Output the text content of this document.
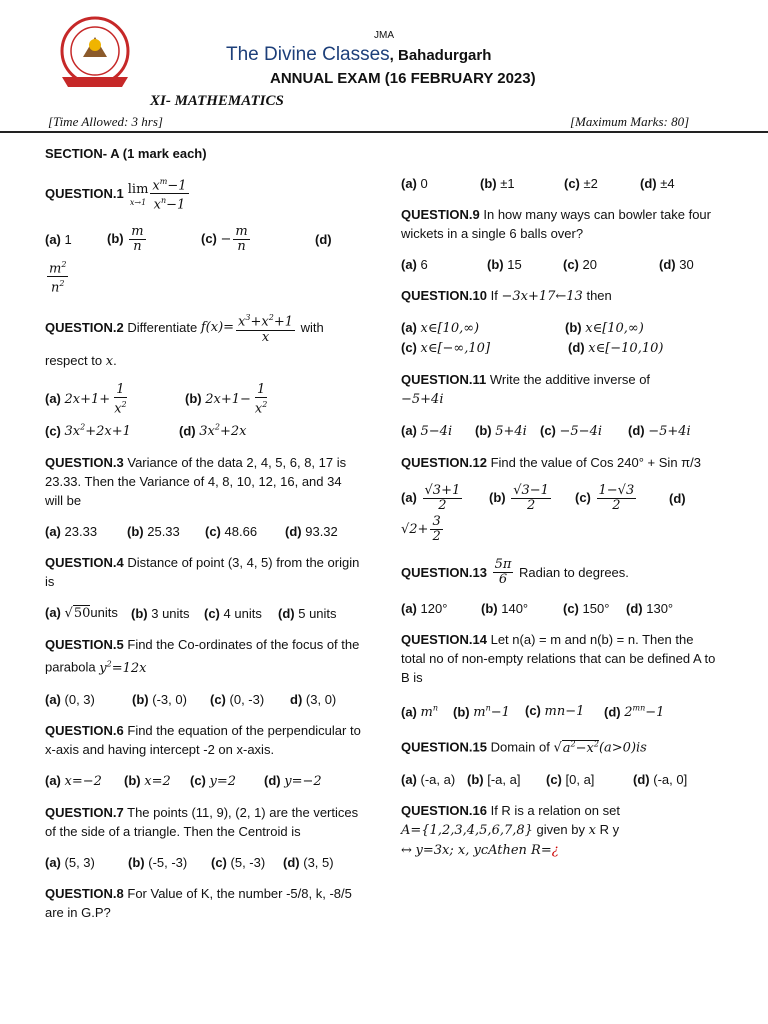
JMA
The Divine Classes, Bahadurgarh
ANNUAL EXAM (16 FEBRUARY 2023)
XI- MATHEMATICS
[Time Allowed: 3 hrs]	[Maximum Marks: 80]
SECTION- A (1 mark each)
QUESTION.1 lim
$x\to 1 \frac{x^m-1}{x^n-1}$
(a) 1	$(b) \frac{m}{n}$	$(c) - \frac{m}{n}$	(d)
$\frac{m^2}{n^2}$
QUESTION.2
Differentiate
$f(x)= \frac{x^3+x^2+1}{x}$
with
respect to x.
(a) $2x+1+ \frac{1}{x^2}$	(b) $2x+1- \frac{1}{x^2}$
(c) $3x^2+2x+1$	(d) $3x^2+2x$
QUESTION.3 Variance of the data 2, 4, 5, 6, 8, 17 is 23.33. Then the Variance of 4, 8, 10, 12, 16, and 34 will be
(a) 23.33	(b) 25.33	(c) 48.66	(d) 93.32
QUESTION.4 Distance of point (3, 4, 5) from the origin is
(a) √50units	(b) 3 units	(c) 4 units	(d) 5 units
QUESTION.5 Find the Co-ordinates of the focus of the parabola $y^2=12x$
(a) (0, 3)	(b) (-3, 0)	(c) (0, -3)	d) (3, 0)
QUESTION.6 Find the equation of the perpendicular to x-axis and having intercept -2 on x-axis.
(a) x=−2	(b) x=2	(c) y=2	(d) y=−2
QUESTION.7 The points (11, 9), (2, 1) are the vertices of the side of a triangle. Then the Centroid is
(a) (5, 3)	(b) (-5, -3)	(c) (5, -3)	(d) (3, 5)
QUESTION.8 For Value of K, the number -5/8, k, -8/5 are in G.P?
(a) 0	(b) ±1	(c) ±2	(d) ±4
QUESTION.9 In how many ways can bowler take four wickets in a single 6 balls over?
(a) 6	(b) 15	(c) 20	(d) 30
QUESTION.10 If −3x+17←13 then
(a) x∈[10,∞)	(b) x∈[10,∞)
(c) x∈[−∞,10]	(d) x∈[−10,10)
QUESTION.11 Write the additive inverse of
−5+4i
(a) 5−4i	(b) 5+4i	(c) −5−4i	(d) −5+4i
QUESTION.12 Find the value of Cos 240° + Sin π/3
$(a) \frac{√3+1}{2} (b) \frac{√3-1}{2} (c) \frac{1-√3}{2}$	(d)
$√2+ \frac{3}{2}$
QUESTION.13
$\frac{5\pi}{6}$
Radian to degrees.
(a) 120°	(b) 140°	(c) 150°	(d) 130°
QUESTION.14 Let n(a) = m and n(b) = n. Then the total no of non-empty relations that can be defined A to B is
(a) $m^n$	(b) $m^n-1$	(c) mn−1	(d) $2^{mn}-1$
QUESTION.15 Domain of $√a^2-x^2(a>0)is$
(a) (-a, a) (b) [-a, a]	(c) [0, a]	(d) (-a, 0]
QUESTION.16 If R is a relation on set
A={1,2,3,4,5,6,7,8} given by x R y
↔ y=3x; x, ycAthen R=¿
